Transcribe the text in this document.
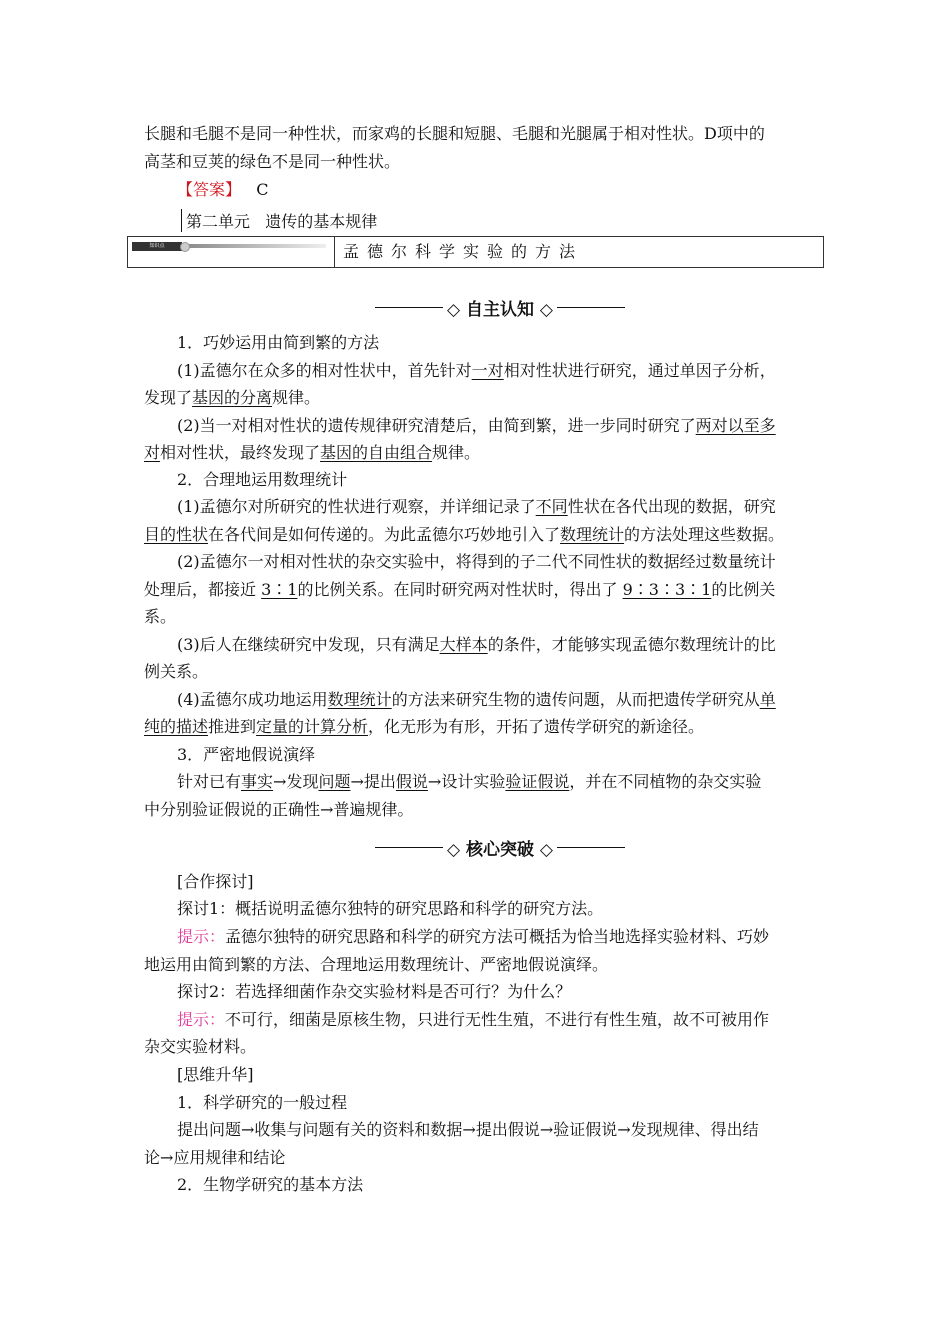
长腿和毛腿不是同一种性状，而家鸡的长腿和短腿、毛腿和光腿属于相对性状。D项中的
高茎和豆荚的绿色不是同一种性状。
【答案】 C
第二单元 遗传的基本规律
知识点	孟德尔科学实验的方法
◇ 自主认知 ◇
1．巧妙运用由简到繁的方法
(1)孟德尔在众多的相对性状中，首先针对一对相对性状进行研究，通过单因子分析，
发现了基因的分离规律。
(2)当一对相对性状的遗传规律研究清楚后，由简到繁，进一步同时研究了两对以至多
对相对性状，最终发现了基因的自由组合规律。
2．合理地运用数理统计
(1)孟德尔对所研究的性状进行观察，并详细记录了不同性状在各代出现的数据，研究
目的性状在各代间是如何传递的。为此孟德尔巧妙地引入了数理统计的方法处理这些数据。
(2)孟德尔一对相对性状的杂交实验中，将得到的子二代不同性状的数据经过数量统计
处理后，都接近 3∶1的比例关系。在同时研究两对性状时，得出了 9∶3∶3∶1的比例关
系。
(3)后人在继续研究中发现，只有满足大样本的条件，才能够实现孟德尔数理统计的比
例关系。
(4)孟德尔成功地运用数理统计的方法来研究生物的遗传问题，从而把遗传学研究从单
纯的描述推进到定量的计算分析，化无形为有形，开拓了遗传学研究的新途径。
3．严密地假说演绎
针对已有事实→发现问题→提出假说→设计实验验证假说，并在不同植物的杂交实验
中分别验证假说的正确性→普遍规律。
◇ 核心突破 ◇
[合作探讨]
探讨1：概括说明孟德尔独特的研究思路和科学的研究方法。
提示：孟德尔独特的研究思路和科学的研究方法可概括为恰当地选择实验材料、巧妙
地运用由简到繁的方法、合理地运用数理统计、严密地假说演绎。
探讨2：若选择细菌作杂交实验材料是否可行？为什么？
提示：不可行，细菌是原核生物，只进行无性生殖，不进行有性生殖，故不可被用作
杂交实验材料。
[思维升华]
1．科学研究的一般过程
提出问题→收集与问题有关的资料和数据→提出假说→验证假说→发现规律、得出结
论→应用规律和结论
2．生物学研究的基本方法
